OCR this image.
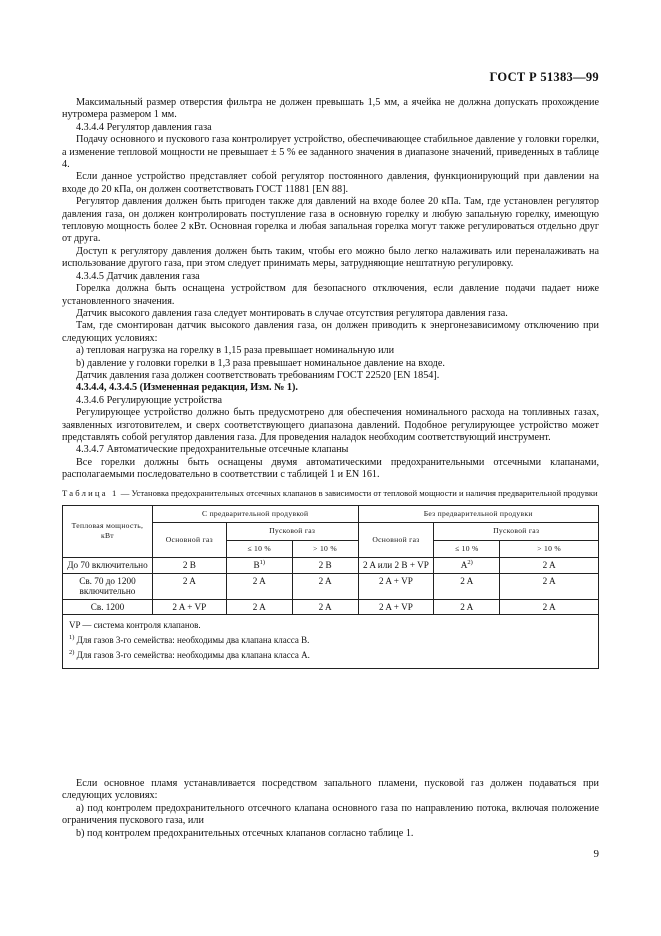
ГОСТ Р 51383—99

Максимальный размер отверстия фильтра не должен превышать 1,5 мм, а ячейка не должна допускать прохождение нутромера размером 1 мм.

4.3.4.4 Регулятор давления газа

Подачу основного и пускового газа контролирует устройство, обеспечивающее стабильное давление у головки горелки, а изменение тепловой мощности не превышает ± 5 % ее заданного значения в диапазоне значений, приведенных в таблице 4.

Если данное устройство представляет собой регулятор постоянного давления, функционирующий при давлении на входе до 20 кПа, он должен соответствовать ГОСТ 11881 [EN 88].

Регулятор давления должен быть пригоден также для давлений на входе более 20 кПа. Там, где установлен регулятор давления газа, он должен контролировать поступление газа в основную горелку и любую запальную горелку, имеющую тепловую мощность более 2 кВт. Основная горелка и любая запальная горелка могут также регулироваться отдельно друг от друга.

Доступ к регулятору давления должен быть таким, чтобы его можно было легко налаживать или переналаживать на использование другого газа, при этом следует принимать меры, затрудняющие нештатную регулировку.

4.3.4.5 Датчик давления газа

Горелка должна быть оснащена устройством для безопасного отключения, если давление подачи падает ниже установленного значения.

Датчик высокого давления газа следует монтировать в случае отсутствия регулятора давления газа.

Там, где смонтирован датчик высокого давления газа, он должен приводить к энергонезависимому отключению при следующих условиях:

а) тепловая нагрузка на горелку в 1,15 раза превышает номинальную или

b) давление у головки горелки в 1,3 раза превышает номинальное давление на входе.

Датчик давления газа должен соответствовать требованиям ГОСТ 22520 [EN 1854].

4.3.4.4, 4.3.4.5 (Измененная редакция, Изм. № 1).

4.3.4.6 Регулирующие устройства

Регулирующее устройство должно быть предусмотрено для обеспечения номинального расхода на топливных газах, заявленных изготовителем, и сверх соответствующего диапазона давлений. Подобное регулирующее устройство может представлять собой регулятор давления газа. Для проведения наладок необходим соответствующий инструмент.

4.3.4.7 Автоматические предохранительные отсечные клапаны

Все горелки должны быть оснащены двумя автоматическими предохранительными отсечными клапанами, располагаемыми последовательно в соответствии с таблицей 1 и EN 161.

Таблица 1 — Установка предохранительных отсечных клапанов в зависимости от тепловой мощности и наличия предварительной продувки

Тепловая мощность, кВт	С предварительной продувкой			Без предварительной продувки		
	Основной газ	Пусковой газ		Основной газ	Пусковой газ	
		≤ 10 %	> 10 %		≤ 10 %	> 10 %
До 70 включительно	2 B	$B^{1)}$	2 B	2 A или 2 B + VP	$A^{2)}$	2 A
Св. 70 до 1200 включительно	2 A	2 A	2 A	2 A + VP	2 A	2 A
Св. 1200	2 A + VP	2 A	2 A	2 A + VP	2 A	2 A

VP — система контроля клапанов.
$^{1)}$ Для газов 3-го семейства: необходимы два клапана класса B.
$^{2)}$ Для газов 3-го семейства: необходимы два клапана класса A.						

Если основное пламя устанавливается посредством запального пламени, пусковой газ должен подаваться при следующих условиях:

а) под контролем предохранительного отсечного клапана основного газа по направлению потока, включая положение ограничения пускового газа, или

b) под контролем предохранительных отсечных клапанов согласно таблице 1.

9
